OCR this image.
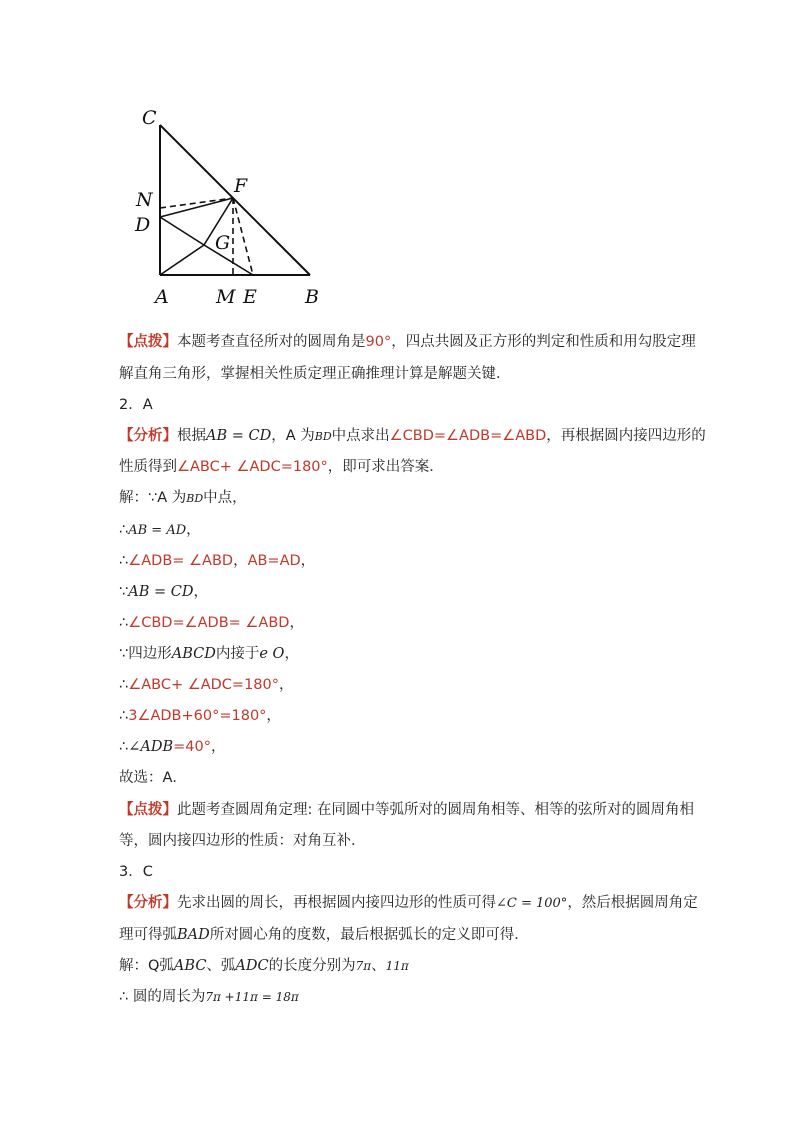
C
N
F
D
G
A M E	B
【点拨】本题考查直径所对的圆周角是90°，四点共圆及正方形的判定和性质和用勾股定理
解直角三角形，掌握相关性质定理正确推理计算是解题关键．
2．A
【分析】根据AB = CD，A 为BD中点求出∠CBD=∠ADB=∠ABD，再根据圆内接四边形的
性质得到∠ABC+ ∠ADC=180°，即可求出答案．
解：∵A 为BD中点，
∴AB = AD，
∴∠ADB= ∠ABD，AB=AD，
∵AB = CD，
∴∠CBD=∠ADB= ∠ABD，
∵四边形ABCD内接于e O，
∴∠ABC+ ∠ADC=180°，
∴3∠ADB+60°=180°，
∴∠ADB=40°，
故选：A．
【点拨】此题考查圆周角定理: 在同圆中等弧所对的圆周角相等、相等的弦所对的圆周角相
等，圆内接四边形的性质：对角互补．
3．C
【分析】先求出圆的周长，再根据圆内接四边形的性质可得∠C = 100°，然后根据圆周角定
理可得弧BAD所对圆心角的度数，最后根据弧长的定义即可得．
解：Q弧ABC、弧ADC的长度分别为7π、11π
∴ 圆的周长为7π +11π = 18π
